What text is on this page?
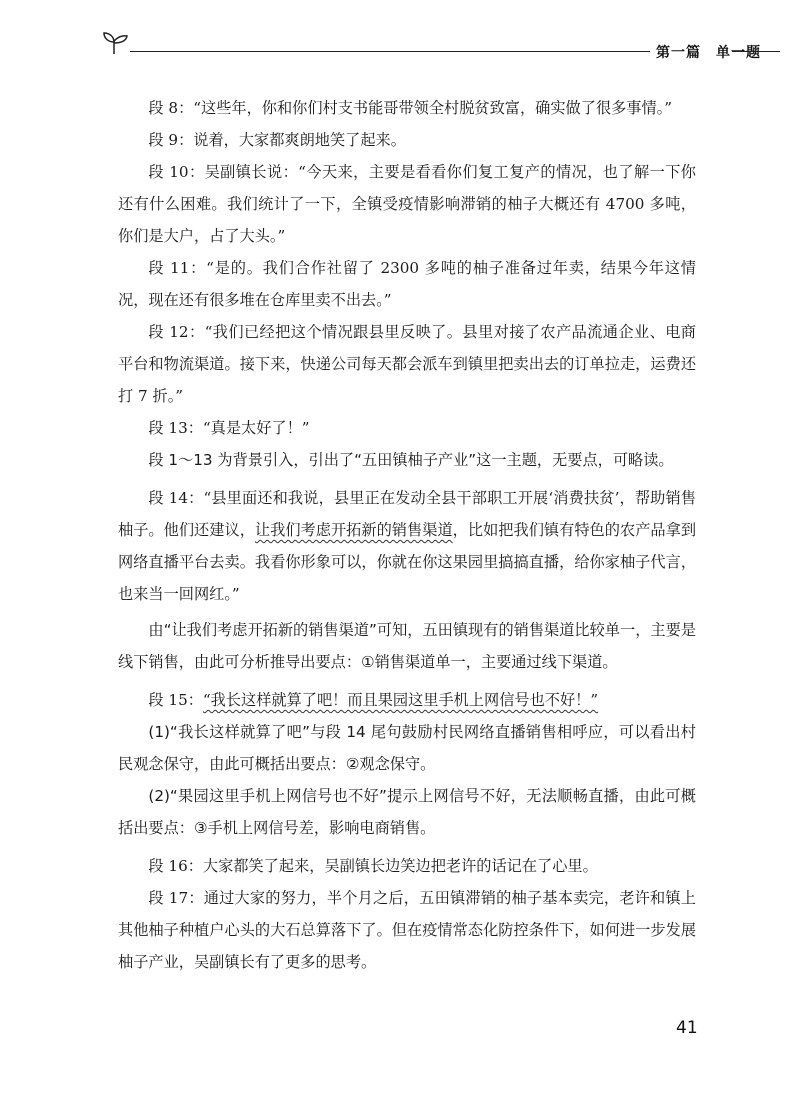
第一篇　单一题

段 8：“这些年，你和你们村支书能哥带领全村脱贫致富，确实做了很多事情。”

段 9：说着，大家都爽朗地笑了起来。

段 10：吴副镇长说：“今天来，主要是看看你们复工复产的情况，也了解一下你还有什么困难。我们统计了一下，全镇受疫情影响滞销的柚子大概还有 4700 多吨，你们是大户，占了大头。”

段 11：“是的。我们合作社留了 2300 多吨的柚子准备过年卖，结果今年这情况，现在还有很多堆在仓库里卖不出去。”

段 12：“我们已经把这个情况跟县里反映了。县里对接了农产品流通企业、电商平台和物流渠道。接下来，快递公司每天都会派车到镇里把卖出去的订单拉走，运费还打 7 折。”

段 13：“真是太好了！”

段 1～13 为背景引入，引出了“五田镇柚子产业”这一主题，无要点，可略读。

段 14：“县里面还和我说，县里正在发动全县干部职工开展‘消费扶贫’，帮助销售柚子。他们还建议，让我们考虑开拓新的销售渠道，比如把我们镇有特色的农产品拿到网络直播平台去卖。我看你形象可以，你就在你这果园里搞搞直播，给你家柚子代言，也来当一回网红。”

由“让我们考虑开拓新的销售渠道”可知，五田镇现有的销售渠道比较单一，主要是线下销售，由此可分析推导出要点：①销售渠道单一，主要通过线下渠道。

段 15：“我长这样就算了吧！而且果园这里手机上网信号也不好！”

(1)“我长这样就算了吧”与段 14 尾句鼓励村民网络直播销售相呼应，可以看出村民观念保守，由此可概括出要点：②观念保守。

(2)“果园这里手机上网信号也不好”提示上网信号不好，无法顺畅直播，由此可概括出要点：③手机上网信号差，影响电商销售。

段 16：大家都笑了起来，吴副镇长边笑边把老许的话记在了心里。

段 17：通过大家的努力，半个月之后，五田镇滞销的柚子基本卖完，老许和镇上其他柚子种植户心头的大石总算落下了。但在疫情常态化防控条件下，如何进一步发展柚子产业，吴副镇长有了更多的思考。

41
